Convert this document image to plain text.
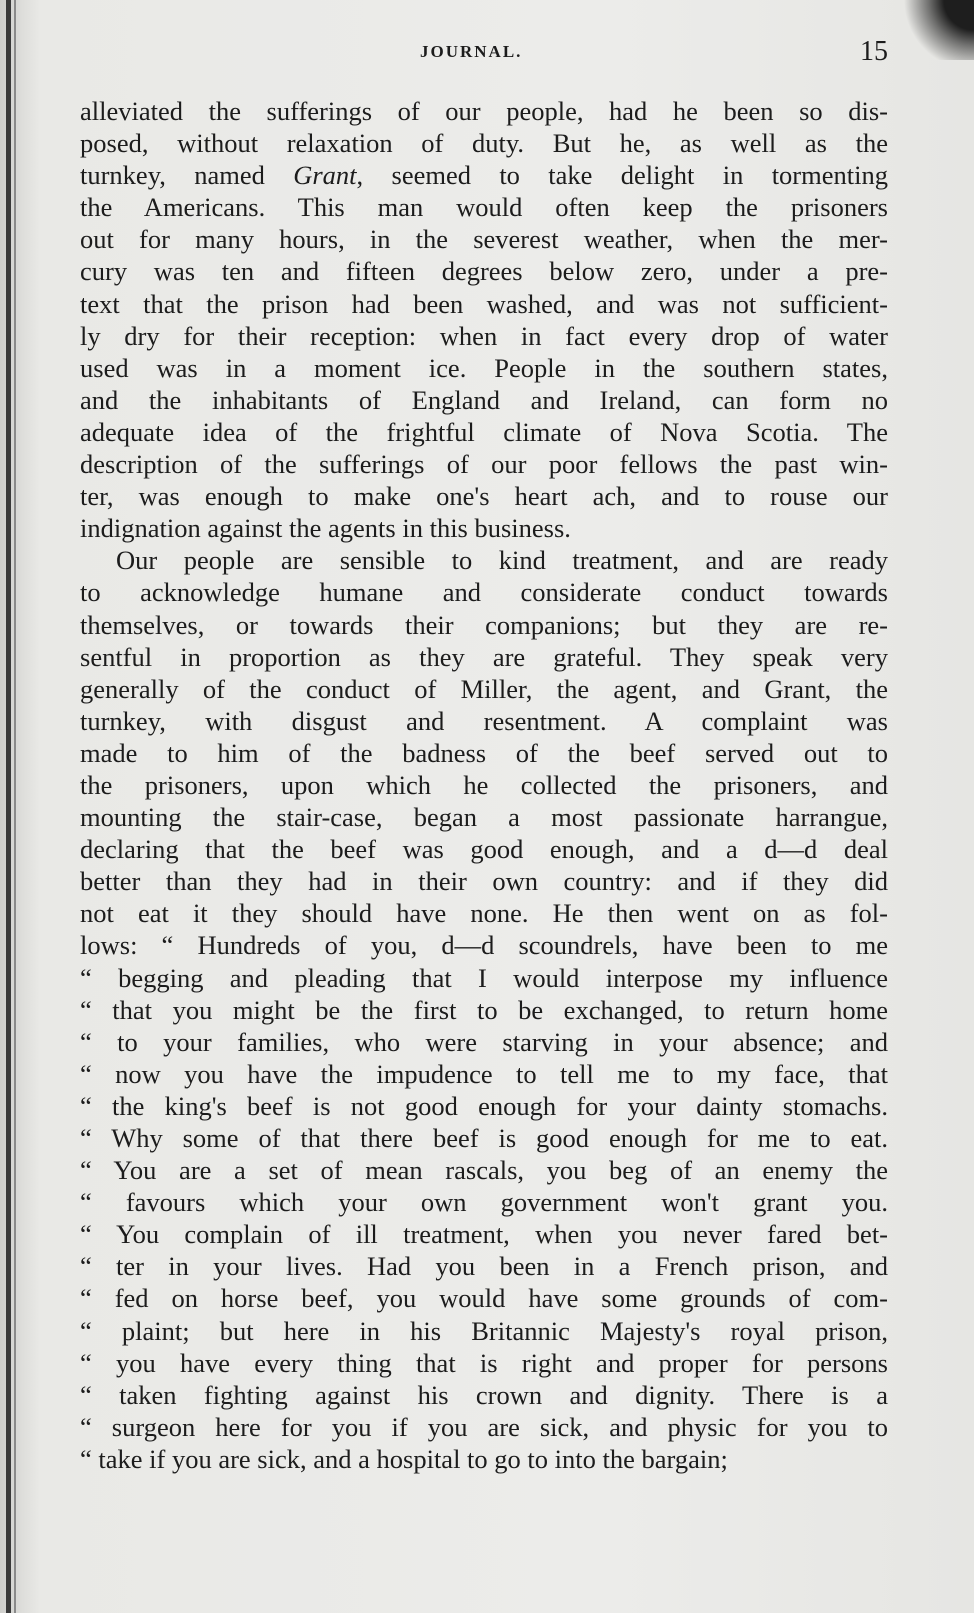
JOURNAL.	15
alleviated the sufferings of our people, had he been so dis-
posed, without relaxation of duty. But he, as well as the
turnkey, named Grant, seemed to take delight in tormenting
the Americans. This man would often keep the prisoners
out for many hours, in the severest weather, when the mer-
cury was ten and fifteen degrees below zero, under a pre-
text that the prison had been washed, and was not sufficient-
ly dry for their reception: when in fact every drop of water
used was in a moment ice. People in the southern states,
and the inhabitants of England and Ireland, can form no
adequate idea of the frightful climate of Nova Scotia. The
description of the sufferings of our poor fellows the past win-
ter, was enough to make one's heart ach, and to rouse our
indignation against the agents in this business.
Our people are sensible to kind treatment, and are ready
to acknowledge humane and considerate conduct towards
themselves, or towards their companions; but they are re-
sentful in proportion as they are grateful. They speak very
generally of the conduct of Miller, the agent, and Grant, the
turnkey, with disgust and resentment. A complaint was
made to him of the badness of the beef served out to
the prisoners, upon which he collected the prisoners, and
mounting the stair-case, began a most passionate harrangue,
declaring that the beef was good enough, and a d—d deal
better than they had in their own country: and if they did
not eat it they should have none. He then went on as fol-
lows: “ Hundreds of you, d—d scoundrels, have been to me
“ begging and pleading that I would interpose my influence
“ that you might be the first to be exchanged, to return home
“ to your families, who were starving in your absence; and
“ now you have the impudence to tell me to my face, that
“ the king's beef is not good enough for your dainty stomachs.
“ Why some of that there beef is good enough for me to eat.
“ You are a set of mean rascals, you beg of an enemy the
“ favours which your own government won't grant you.
“ You complain of ill treatment, when you never fared bet-
“ ter in your lives. Had you been in a French prison, and
“ fed on horse beef, you would have some grounds of com-
“ plaint; but here in his Britannic Majesty's royal prison,
“ you have every thing that is right and proper for persons
“ taken fighting against his crown and dignity. There is a
“ surgeon here for you if you are sick, and physic for you to
“ take if you are sick, and a hospital to go to into the bargain;
